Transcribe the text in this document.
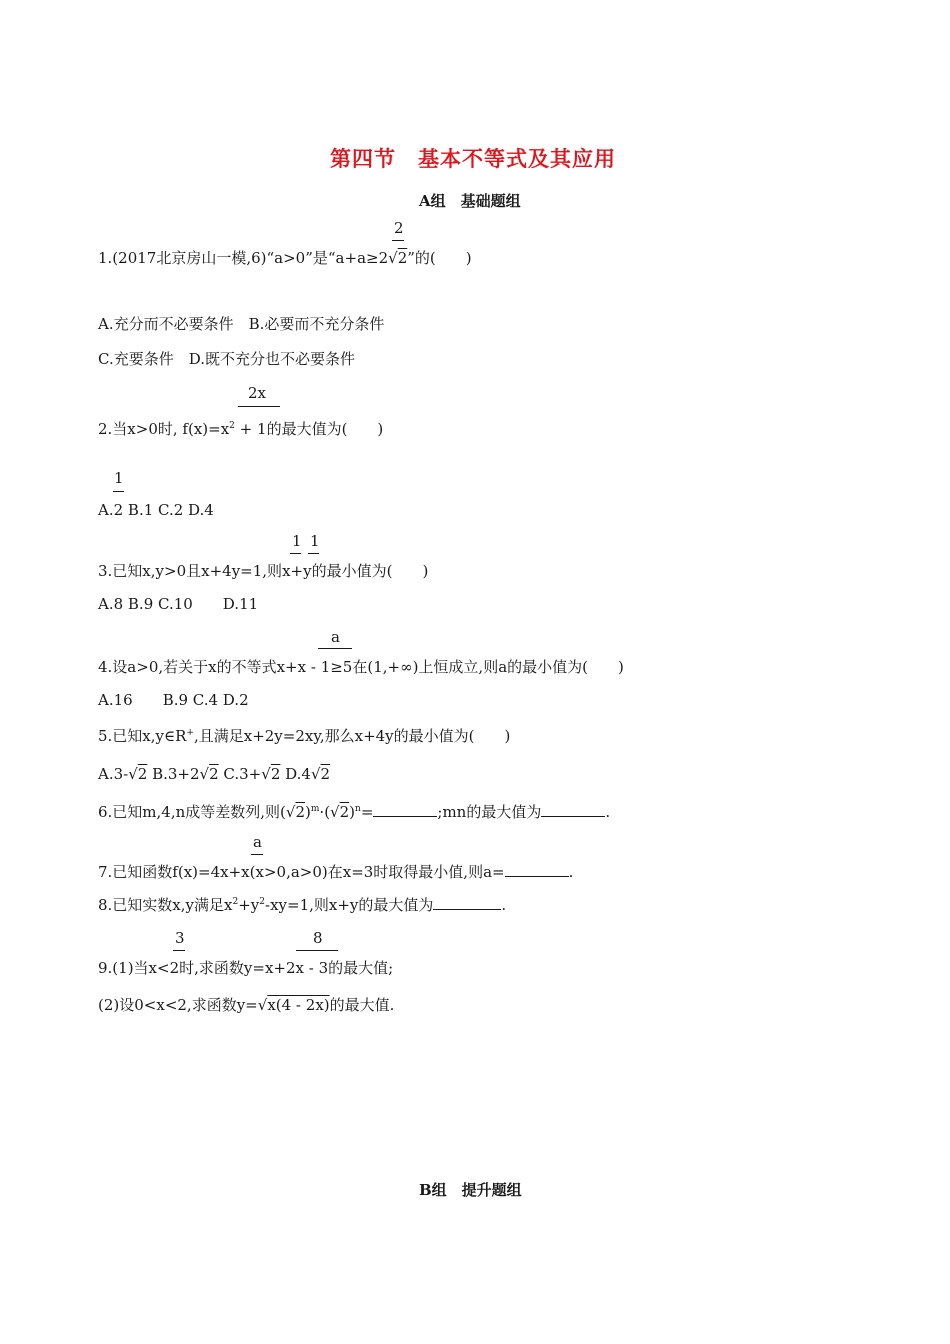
第四节　基本不等式及其应用
A组　基础题组
2
1.(2017北京房山一模,6)“a>0”是“a+a≥2√2”的(　　)
A.充分而不必要条件　B.必要而不充分条件
C.充要条件　D.既不充分也不必要条件
2x
2.当x>0时, $f(x)=x^2 + 1$的最大值为(　　)
1
A.2 B.1 C.2 D.4
1 1
3.已知x,y>0且x+4y=1,则x+y的最小值为(　　)
A.8 B.9 C.10　　D.11
a
4.设a>0,若关于x的不等式x+x - 1≥5在(1,+∞)上恒成立,则a的最小值为(　　)
A.16　　B.9 C.4 D.2
5.已知x,y∈R+,且满足x+2y=2xy,那么x+4y的最小值为(　　)
A.3-√2 B.3+2√2 C.3+√2 D.4√2
6.已知m,4,n成等差数列,则$(√2)^m\cdot(√2)^n=$	;mn的最大值为	.
a
7.已知函数f(x)=4x+x(x>0,a>0)在x=3时取得最小值,则a=	.
8.已知实数x,y满足$x^2+y^2-xy=1$,则x+y的最大值为	.
3	8
9.(1)当x<2时,求函数y=x+2x - 3的最大值;
(2)设0<x<2,求函数y=√x(4 - 2x)的最大值.
B组　提升题组
